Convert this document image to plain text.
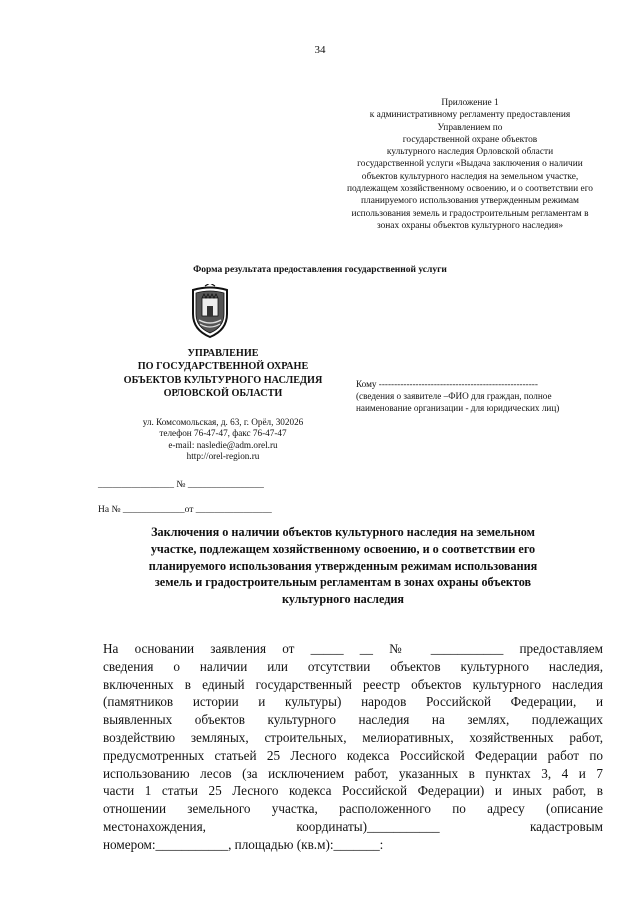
34
Приложение 1
к административному регламенту предоставления
Управлением по
государственной охране объектов
культурного наследия Орловской области
государственной услуги «Выдача заключения о наличии
объектов культурного наследия на земельном участке,
подлежащем хозяйственному освоению, и о соответствии его
планируемого использования утвержденным режимам
использования земель и градостроительным регламентам в
зонах охраны объектов культурного наследия»
Форма результата предоставления государственной услуги
УПРАВЛЕНИЕ
ПО ГОСУДАРСТВЕННОЙ ОХРАНЕ
ОБЪЕКТОВ КУЛЬТУРНОГО НАСЛЕДИЯ
ОРЛОВСКОЙ ОБЛАСТИ
ул. Комсомольская, д. 63, г. Орёл, 302026
телефон 76-47-47, факс 76-47-47
e-mail: nasledie@adm.orel.ru
http://orel-region.ru
Кому ----------------------------------------------------
(сведения о заявителе –ФИО для граждан, полное
наименование организации - для юридических лиц)
________________ № ________________
На № _____________от ________________
Заключения о наличии объектов культурного наследия на земельном
участке, подлежащем хозяйственному освоению, и о соответствии его
планируемого использования утвержденным режимам использования
земель и градостроительным регламентам в зонах охраны объектов
культурного наследия
На основании заявления от _____ __ № ___________ предоставляем
сведения о наличии или отсутствии объектов культурного наследия,
включенных в единый государственный реестр объектов культурного наследия
(памятников истории и культуры) народов Российской Федерации, и
выявленных объектов культурного наследия на землях, подлежащих
воздействию земляных, строительных, мелиоративных, хозяйственных работ,
предусмотренных статьей 25 Лесного кодекса Российской Федерации работ по
использованию лесов (за исключением работ, указанных в пунктах 3, 4 и 7
части 1 статьи 25 Лесного кодекса Российской Федерации) и иных работ, в
отношении земельного участка, расположенного по адресу (описание
местонахождения, координаты)___________ кадастровым
номером:___________, площадью (кв.м):_______:
